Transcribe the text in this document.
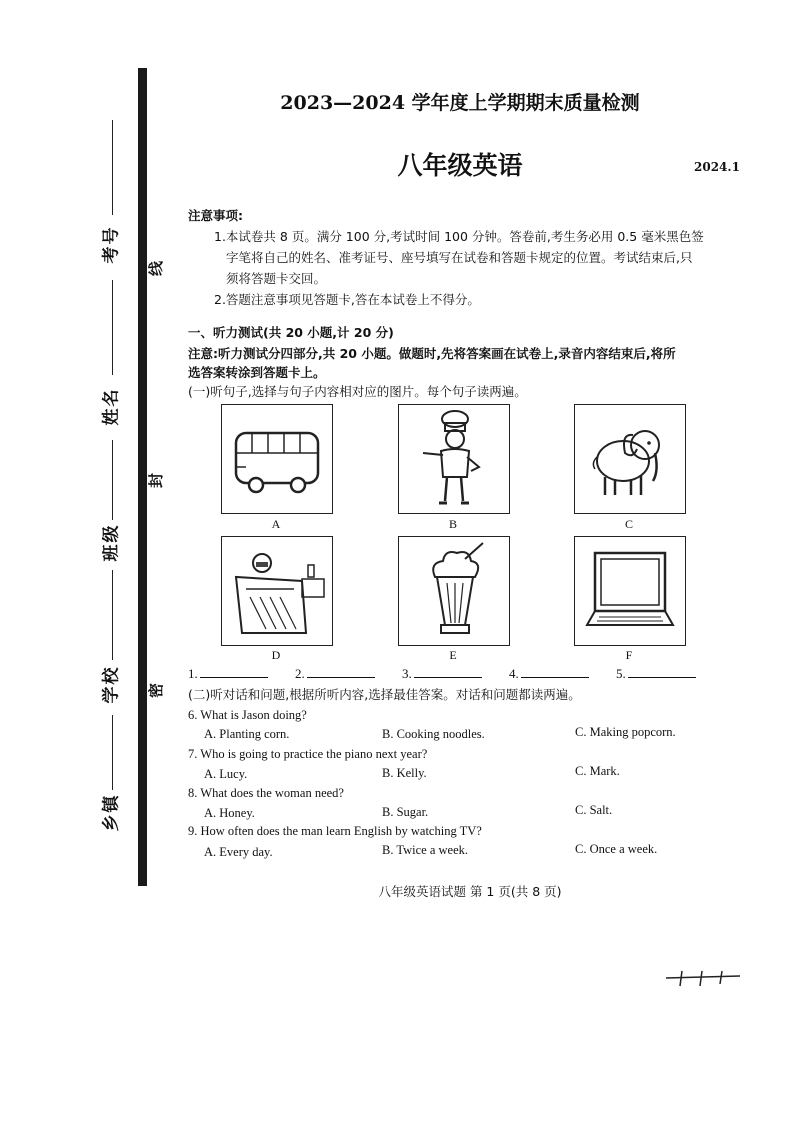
考号
姓名
班级
学校
乡镇
线
封
密
2023—2024 学年度上学期期末质量检测
八年级英语	2024.1
注意事项:
1.本试卷共 8 页。满分 100 分,考试时间 100 分钟。答卷前,考生务必用 0.5 毫米黑色签
字笔将自己的姓名、准考证号、座号填写在试卷和答题卡规定的位置。考试结束后,只
须将答题卡交回。
2.答题注意事项见答题卡,答在本试卷上不得分。
一、听力测试(共 20 小题,计 20 分)
注意:听力测试分四部分,共 20 小题。做题时,先将答案画在试卷上,录音内容结束后,将所
选答案转涂到答题卡上。
(一)听句子,选择与句子内容相对应的图片。每个句子读两遍。
A	B	C
D	E	F
1.	2.	3.	4.	5.
(二)听对话和问题,根据所听内容,选择最佳答案。对话和问题都读两遍。
6. What is Jason doing?
A. Planting corn.	B. Cooking noodles.	C. Making popcorn.
7. Who is going to practice the piano next year?
A. Lucy.	B. Kelly.	C. Mark.
8. What does the woman need?
A. Honey.	B. Sugar.	C. Salt.
9. How often does the man learn English by watching TV?
A. Every day.	B. Twice a week.	C. Once a week.
八年级英语试题 第 1 页(共 8 页)
